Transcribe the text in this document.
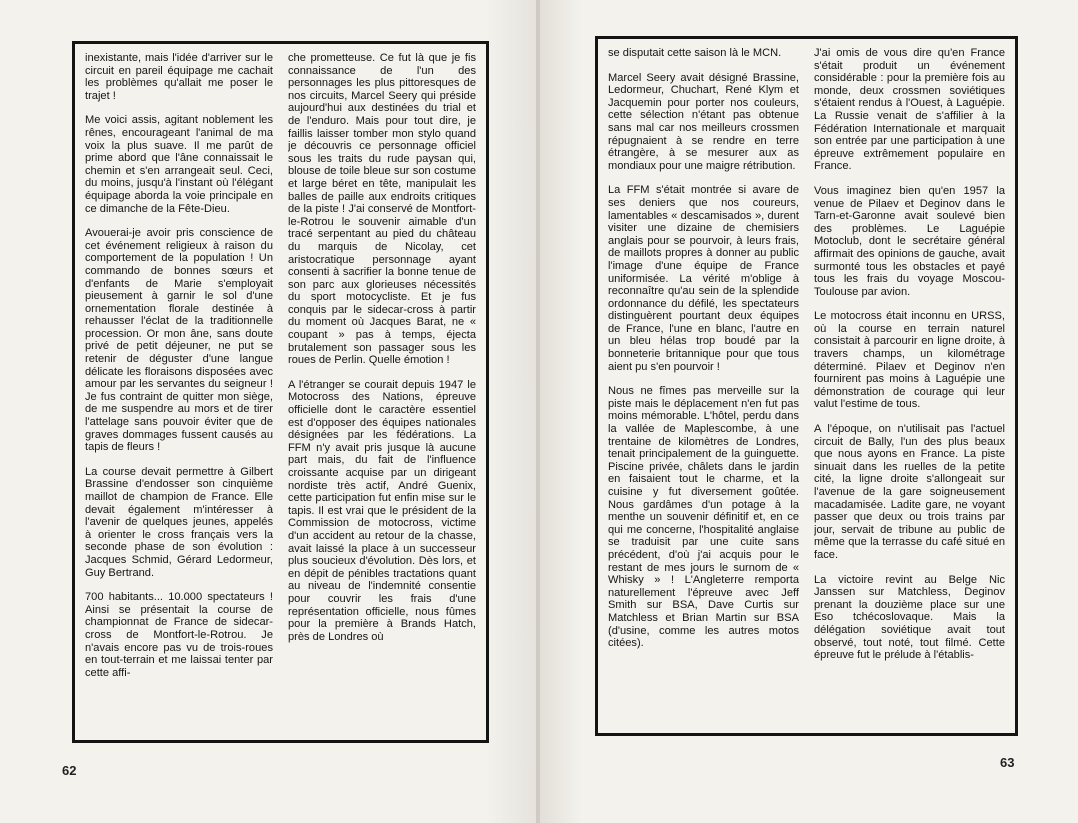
inexistante, mais l'idée d'arriver sur le circuit en pareil équipage me cachait les problèmes qu'allait me poser le trajet !

Me voici assis, agitant noblement les rênes, encourageant l'animal de ma voix la plus suave. Il me parût de prime abord que l'âne connaissait le chemin et s'en arrangeait seul. Ceci, du moins, jusqu'à l'instant où l'élégant équipage aborda la voie principale en ce dimanche de la Fête-Dieu.

Avouerai-je avoir pris conscience de cet événement religieux à raison du comportement de la population ! Un commando de bonnes sœurs et d'enfants de Marie s'employait pieusement à garnir le sol d'une ornementation florale destinée à rehausser l'éclat de la traditionnelle procession. Or mon âne, sans doute privé de petit déjeuner, ne put se retenir de déguster d'une langue délicate les floraisons disposées avec amour par les servantes du seigneur ! Je fus contraint de quitter mon siège, de me suspendre au mors et de tirer l'attelage sans pouvoir éviter que de graves dommages fussent causés au tapis de fleurs !

La course devait permettre à Gilbert Brassine d'endosser son cinquième maillot de champion de France. Elle devait également m'intéresser à l'avenir de quelques jeunes, appelés à orienter le cross français vers la seconde phase de son évolution : Jacques Schmid, Gérard Ledormeur, Guy Bertrand.

700 habitants... 10.000 spectateurs ! Ainsi se présentait la course de championnat de France de sidecar-cross de Montfort-le-Rotrou. Je n'avais encore pas vu de trois-roues en tout-terrain et me laissai tenter par cette affi-

che prometteuse. Ce fut là que je fis connaissance de l'un des personnages les plus pittoresques de nos circuits, Marcel Seery qui préside aujourd'hui aux destinées du trial et de l'enduro. Mais pour tout dire, je faillis laisser tomber mon stylo quand je découvris ce personnage officiel sous les traits du rude paysan qui, blouse de toile bleue sur son costume et large béret en tête, manipulait les balles de paille aux endroits critiques de la piste ! J'ai conservé de Montfort-le-Rotrou le souvenir aimable d'un tracé serpentant au pied du château du marquis de Nicolay, cet aristocratique personnage ayant consenti à sacrifier la bonne tenue de son parc aux glorieuses nécessités du sport motocycliste. Et je fus conquis par le sidecar-cross à partir du moment où Jacques Barat, ne « coupant » pas à temps, éjecta brutalement son passager sous les roues de Perlin. Quelle émotion !

A l'étranger se courait depuis 1947 le Motocross des Nations, épreuve officielle dont le caractère essentiel est d'opposer des équipes nationales désignées par les fédérations. La FFM n'y avait pris jusque là aucune part mais, du fait de l'influence croissante acquise par un dirigeant nordiste très actif, André Guenix, cette participation fut enfin mise sur le tapis. Il est vrai que le président de la Commission de motocross, victime d'un accident au retour de la chasse, avait laissé la place à un successeur plus soucieux d'évolution. Dès lors, et en dépit de pénibles tractations quant au niveau de l'indemnité consentie pour couvrir les frais d'une représentation officielle, nous fûmes pour la première à Brands Hatch, près de Londres où

se disputait cette saison là le MCN.

Marcel Seery avait désigné Brassine, Ledormeur, Chuchart, René Klym et Jacquemin pour porter nos couleurs, cette sélection n'étant pas obtenue sans mal car nos meilleurs crossmen répugnaient à se rendre en terre étrangère, à se mesurer aux as mondiaux pour une maigre rétribution.

La FFM s'était montrée si avare de ses deniers que nos coureurs, lamentables « descamisados », durent visiter une dizaine de chemisiers anglais pour se pourvoir, à leurs frais, de maillots propres à donner au public l'image d'une équipe de France uniformisée. La vérité m'oblige à reconnaître qu'au sein de la splendide ordonnance du défilé, les spectateurs distinguèrent pourtant deux équipes de France, l'une en blanc, l'autre en un bleu hélas trop boudé par la bonneterie britannique pour que tous aient pu s'en pourvoir !

Nous ne fîmes pas merveille sur la piste mais le déplacement n'en fut pas moins mémorable. L'hôtel, perdu dans la vallée de Maplescombe, à une trentaine de kilomètres de Londres, tenait principalement de la guinguette. Piscine privée, châlets dans le jardin en faisaient tout le charme, et la cuisine y fut diversement goûtée. Nous gardâmes d'un potage à la menthe un souvenir définitif et, en ce qui me concerne, l'hospitalité anglaise se traduisit par une cuite sans précédent, d'où j'ai acquis pour le restant de mes jours le surnom de « Whisky » ! L'Angleterre remporta naturellement l'épreuve avec Jeff Smith sur BSA, Dave Curtis sur Matchless et Brian Martin sur BSA (d'usine, comme les autres motos citées).

J'ai omis de vous dire qu'en France s'était produit un événement considérable : pour la première fois au monde, deux crossmen soviétiques s'étaient rendus à l'Ouest, à Laguépie. La Russie venait de s'affilier à la Fédération Internationale et marquait son entrée par une participation à une épreuve extrêmement populaire en France.

Vous imaginez bien qu'en 1957 la venue de Pilaev et Deginov dans le Tarn-et-Garonne avait soulevé bien des problèmes. Le Laguépie Motoclub, dont le secrétaire général affirmait des opinions de gauche, avait surmonté tous les obstacles et payé tous les frais du voyage Moscou-Toulouse par avion.

Le motocross était inconnu en URSS, où la course en terrain naturel consistait à parcourir en ligne droite, à travers champs, un kilométrage déterminé. Pilaev et Deginov n'en fournirent pas moins à Laguépie une démonstration de courage qui leur valut l'estime de tous.

A l'époque, on n'utilisait pas l'actuel circuit de Bally, l'un des plus beaux que nous ayons en France. La piste sinuait dans les ruelles de la petite cité, la ligne droite s'allongeait sur l'avenue de la gare soigneusement macadamisée. Ladite gare, ne voyant passer que deux ou trois trains par jour, servait de tribune au public de même que la terrasse du café situé en face.

La victoire revint au Belge Nic Janssen sur Matchless, Deginov prenant la douzième place sur une Eso tchécoslovaque. Mais la délégation soviétique avait tout observé, tout noté, tout filmé. Cette épreuve fut le prélude à l'établis-

62
63
